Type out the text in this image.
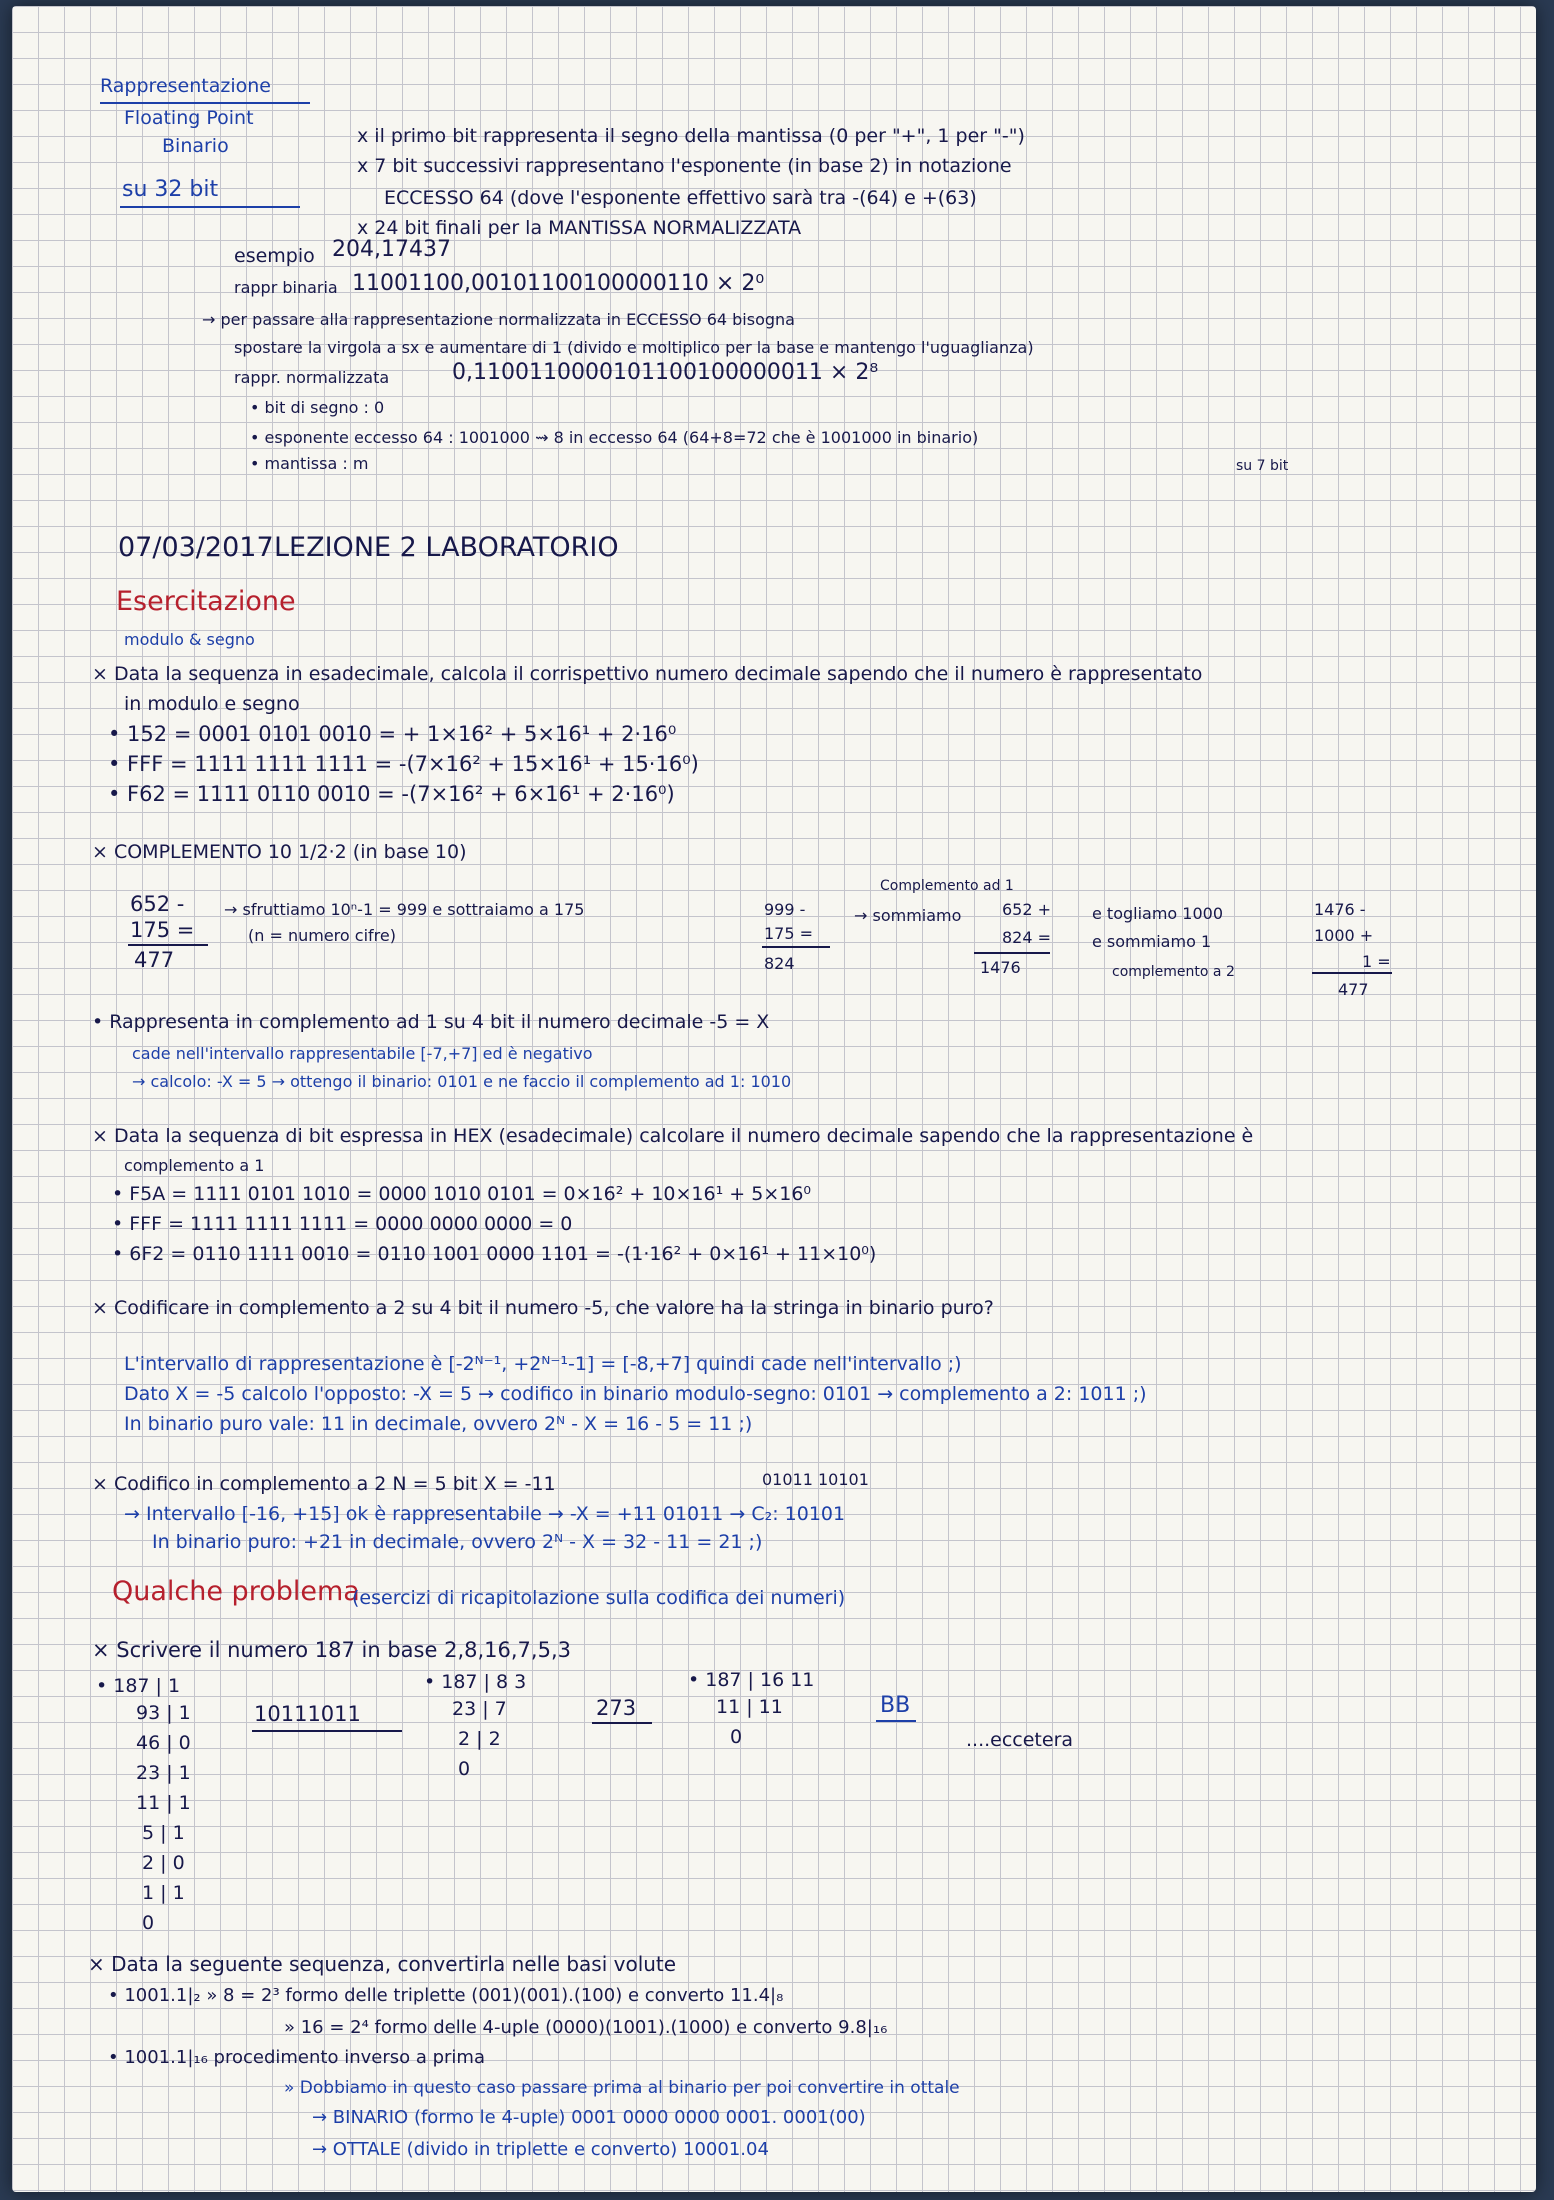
Rappresentazione
Floating Point
Binario
su 32 bit
x il primo bit rappresenta il segno della mantissa (0 per "+", 1 per "-")
x 7 bit successivi rappresentano l'esponente (in base 2) in notazione
ECCESSO 64 (dove l'esponente effettivo sarà tra -(64) e +(63)
x 24 bit finali per la MANTISSA NORMALIZZATA
esempio 204,17437
rappr binaria 11001100,00101100100000110 × 2⁰
→ per passare alla rappresentazione normalizzata in ECCESSO 64 bisogna
spostare la virgola a sx e aumentare di 1 (divido e moltiplico per la base e mantengo l'uguaglianza)
rappr. normalizzata	0,1100110000101100100000011 × 2⁸
• bit di segno : 0
• esponente eccesso 64 : 1001000 ⇝ 8 in eccesso 64 (64+8=72 che è 1001000 in binario)
su 7 bit
• mantissa : m
07/03/2017 LEZIONE 2 LABORATORIO
Esercitazione
modulo & segno
× Data la sequenza in esadecimale, calcola il corrispettivo numero decimale sapendo che il numero è rappresentato
in modulo e segno
• 152 = 0001 0101 0010 = + 1×16² + 5×16¹ + 2·16⁰
• FFF = 1111 1111 1111 = -(7×16² + 15×16¹ + 15·16⁰)
• F62 = 1111 0110 0010 = -(7×16² + 6×16¹ + 2·16⁰)
× COMPLEMENTO 10 1/2·2 (in base 10)
652 -
175 =
477
→ sfruttiamo 10ⁿ-1 = 999 e sottraiamo a 175
(n = numero cifre)
999 -
175 =
824
Complemento ad 1
→ sommiamo	652 +
824 =
1476
e togliamo 1000
e sommiamo 1
complemento a 2
1476 -
1000 +
1 =
477
• Rappresenta in complemento ad 1 su 4 bit il numero decimale -5 = X
cade nell'intervallo rappresentabile [-7,+7] ed è negativo
→ calcolo: -X = 5 → ottengo il binario: 0101 e ne faccio il complemento ad 1: 1010
× Data la sequenza di bit espressa in HEX (esadecimale) calcolare il numero decimale sapendo che la rappresentazione è
complemento a 1
• F5A = 1111 0101 1010 = 0000 1010 0101 = 0×16² + 10×16¹ + 5×16⁰
• FFF = 1111 1111 1111 = 0000 0000 0000 = 0
• 6F2 = 0110 1111 0010 = 0110 1001 0000 1101 = -(1·16² + 0×16¹ + 11×10⁰)
× Codificare in complemento a 2 su 4 bit il numero -5, che valore ha la stringa in binario puro?
L'intervallo di rappresentazione è [-2ᴺ⁻¹, +2ᴺ⁻¹-1] = [-8,+7] quindi cade nell'intervallo ;)
Dato X = -5 calcolo l'opposto: -X = 5 → codifico in binario modulo-segno: 0101 → complemento a 2: 1011 ;)
In binario puro vale: 11 in decimale, ovvero 2ᴺ - X = 16 - 5 = 11 ;)
01011 10101
× Codifico in complemento a 2 N = 5 bit X = -11
→ Intervallo [-16, +15] ok è rappresentabile → -X = +11 01011 → C₂: 10101
In binario puro: +21 in decimale, ovvero 2ᴺ - X = 32 - 11 = 21 ;)
Qualche problema
(esercizi di ricapitolazione sulla codifica dei numeri)
× Scrivere il numero 187 in base 2,8,16,7,5,3
• 187 | 1
93 | 1
46 | 0
23 | 1
11 | 1
5 | 1
2 | 0
1 | 1
0
10111011
• 187 | 8 3
23 | 7
2 | 2
0
273
• 187 | 16 11
11 | 11
0
BB
....eccetera
× Data la seguente sequenza, convertirla nelle basi volute
• 1001.1|₂ » 8 = 2³ formo delle triplette (001)(001).(100) e converto 11.4|₈
» 16 = 2⁴ formo delle 4-uple (0000)(1001).(1000) e converto 9.8|₁₆
• 1001.1|₁₆ procedimento inverso a prima
» Dobbiamo in questo caso passare prima al binario per poi convertire in ottale
→ BINARIO (formo le 4-uple) 0001 0000 0000 0001. 0001(00)
→ OTTALE (divido in triplette e converto) 10001.04
